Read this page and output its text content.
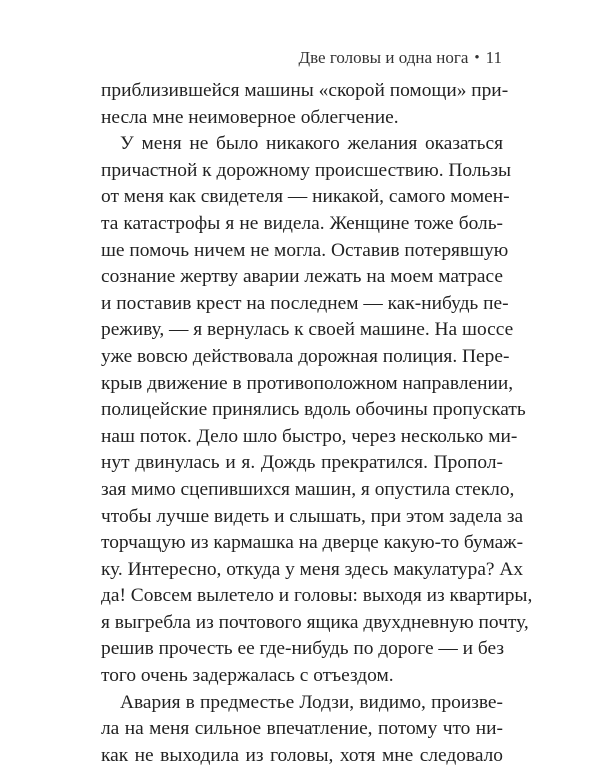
Две головы и одна нога • 11
приблизившейся машины «скорой помощи» при-
несла мне неимоверное облегчение.
У меня не было никакого желания оказаться
причастной к дорожному происшествию. Пользы
от меня как свидетеля — никакой, самого момен-
та катастрофы я не видела. Женщине тоже боль-
ше помочь ничем не могла. Оставив потерявшую
сознание жертву аварии лежать на моем матрасе
и поставив крест на последнем — как-нибудь пе-
реживу, — я вернулась к своей машине. На шоссе
уже вовсю действовала дорожная полиция. Пере-
крыв движение в противоположном направлении,
полицейские принялись вдоль обочины пропускать
наш поток. Дело шло быстро, через несколько ми-
нут двинулась и я. Дождь прекратился. Пропол-
зая мимо сцепившихся машин, я опустила стекло,
чтобы лучше видеть и слышать, при этом задела за
торчащую из кармашка на дверце какую-то бумаж-
ку. Интересно, откуда у меня здесь макулатура? Ах
да! Совсем вылетело и головы: выходя из квартиры,
я выгребла из почтового ящика двухдневную почту,
решив прочесть ее где-нибудь по дороге — и без
того очень задержалась с отъездом.
Авария в предместье Лодзи, видимо, произве-
ла на меня сильное впечатление, потому что ни-
как не выходила из головы, хотя мне следовало
